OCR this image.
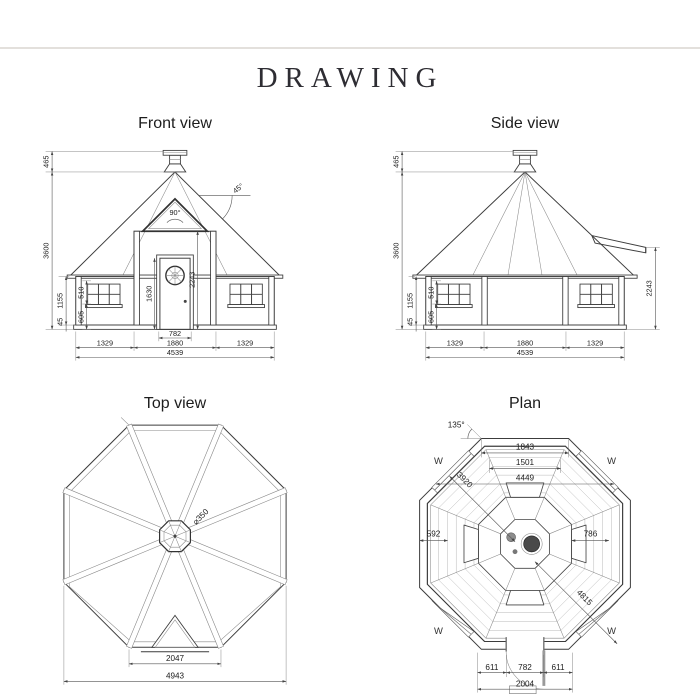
DRAWING
Front view
465
3600
1155
45
510
605
1630
2243
90°
45°
782
1329	1880	1329
4539
Side view
465
3600
1155
45
510
605
2243
1329	1880	1329
4539
Top view
⌀350
2047
4943
Plan
W	W
W	W
135°
1843
1501
4449
592	786
3920
4815
611	782	611
2004
